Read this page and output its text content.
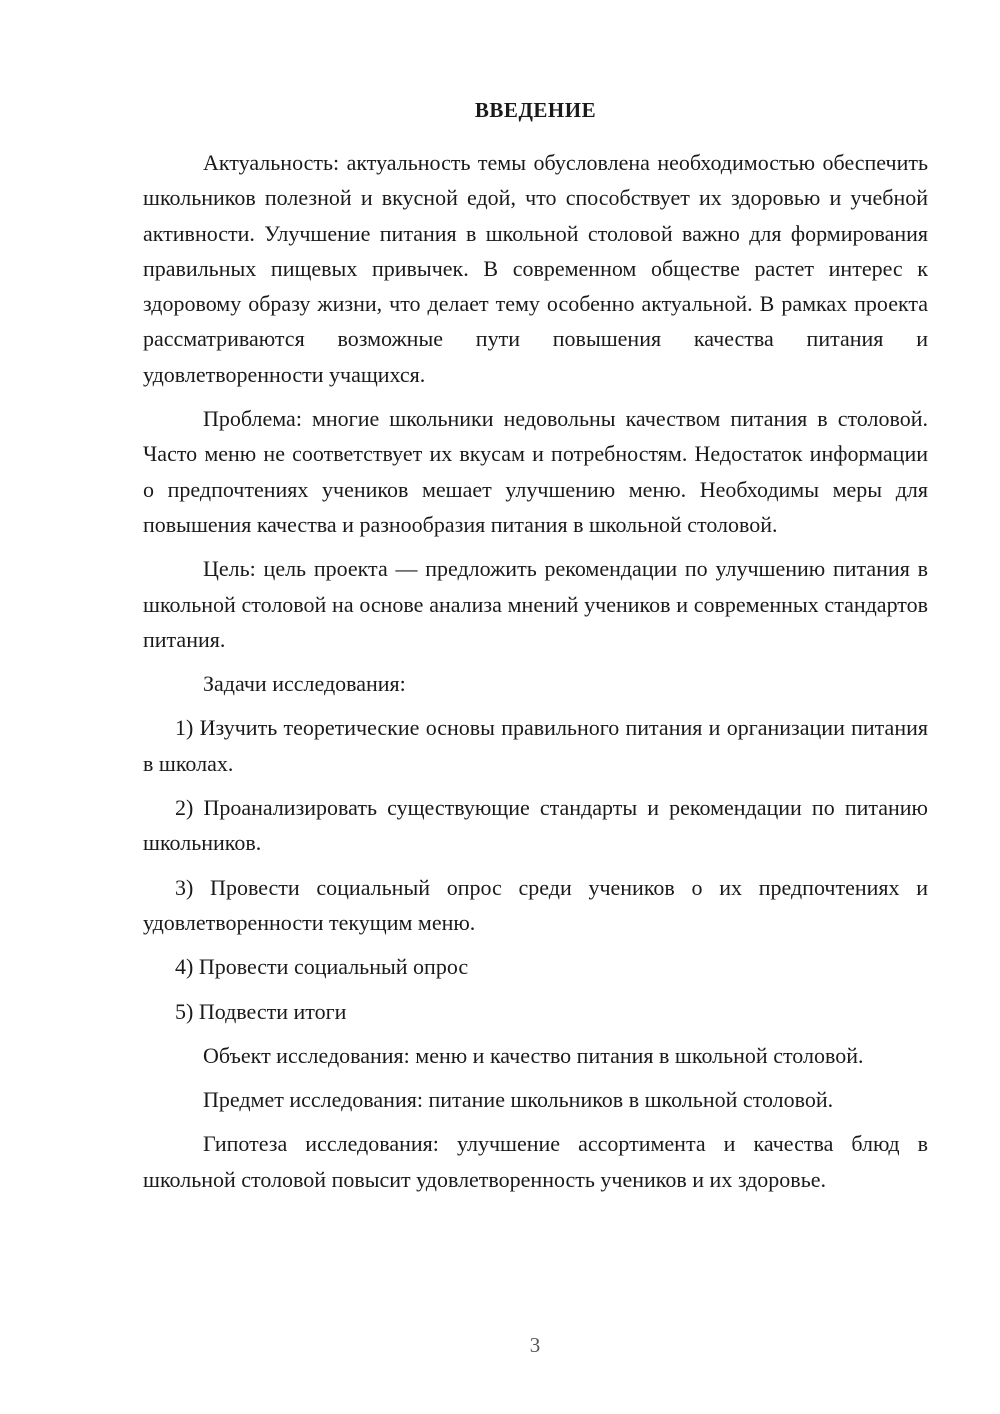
ВВЕДЕНИЕ

Актуальность: актуальность темы обусловлена необходимостью обеспечить школьников полезной и вкусной едой, что способствует их здоровью и учебной активности. Улучшение питания в школьной столовой важно для формирования правильных пищевых привычек. В современном обществе растет интерес к здоровому образу жизни, что делает тему особенно актуальной. В рамках проекта рассматриваются возможные пути повышения качества питания и удовлетворенности учащихся.

Проблема: многие школьники недовольны качеством питания в столовой. Часто меню не соответствует их вкусам и потребностям. Недостаток информации о предпочтениях учеников мешает улучшению меню. Необходимы меры для повышения качества и разнообразия питания в школьной столовой.

Цель: цель проекта — предложить рекомендации по улучшению питания в школьной столовой на основе анализа мнений учеников и современных стандартов питания.

Задачи исследования:

1) Изучить теоретические основы правильного питания и организации питания в школах.

2) Проанализировать существующие стандарты и рекомендации по питанию школьников.

3) Провести социальный опрос среди учеников о их предпочтениях и удовлетворенности текущим меню.

4) Провести социальный опрос

5) Подвести итоги

Объект исследования: меню и качество питания в школьной столовой.

Предмет исследования: питание школьников в школьной столовой.

Гипотеза исследования: улучшение ассортимента и качества блюд в школьной столовой повысит удовлетворенность учеников и их здоровье.

3
